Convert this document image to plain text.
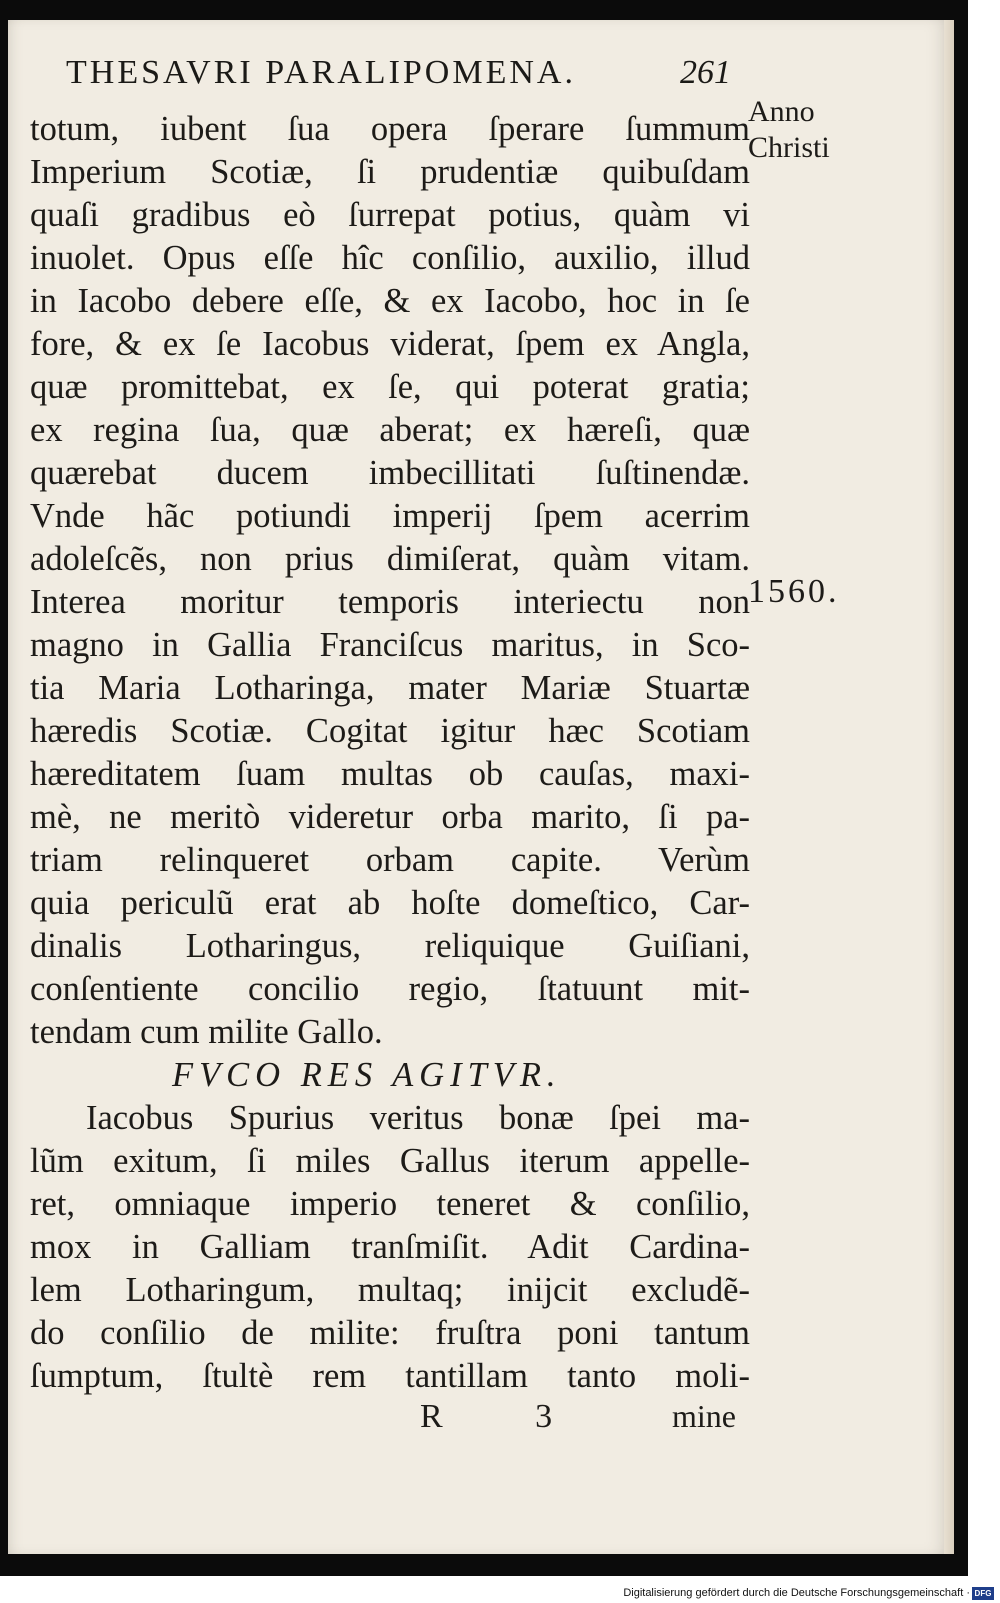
THESAVRI PARALIPOMENA.	261
Anno
Christi
1560.
totum, iubent ſua opera ſperare ſummum
Imperium Scotiæ, ſi prudentiæ quibuſdam
quaſi gradibus eò ſurrepat potius, quàm vi
inuolet. Opus eſſe hîc conſilio, auxilio, illud
in Iacobo debere eſſe, & ex Iacobo, hoc in ſe
fore, & ex ſe Iacobus viderat, ſpem ex Angla,
quæ promittebat, ex ſe, qui poterat gratia;
ex regina ſua, quæ aberat; ex hæreſi, quæ
quærebat ducem imbecillitati ſuſtinendæ.
Vnde hãc potiundi imperij ſpem acerrim
adoleſcẽs, non prius dimiſerat, quàm vitam.
Interea moritur temporis interiectu non
magno in Gallia Franciſcus maritus, in Sco-
tia Maria Lotharinga, mater Mariæ Stuartæ
hæredis Scotiæ. Cogitat igitur hæc Scotiam
hæreditatem ſuam multas ob cauſas, maxi-
mè, ne meritò videretur orba marito, ſi pa-
triam relinqueret orbam capite. Verùm
quia periculũ erat ab hoſte domeſtico, Car-
dinalis Lotharingus, reliquique Guiſiani,
conſentiente concilio regio, ſtatuunt mit-
tendam cum milite Gallo.
FVCO RES AGITVR.
Iacobus Spurius veritus bonæ ſpei ma-
lũm exitum, ſi miles Gallus iterum appelle-
ret, omniaque imperio teneret & conſilio,
mox in Galliam tranſmiſit. Adit Cardina-
lem Lotharingum, multaq; inijcit excludẽ-
do conſilio de milite: fruſtra poni tantum
ſumptum, ſtultè rem tantillam tanto moli-
R 3 mine
Digitalisierung gefördert durch die Deutsche Forschungsgemeinschaft · DFG
